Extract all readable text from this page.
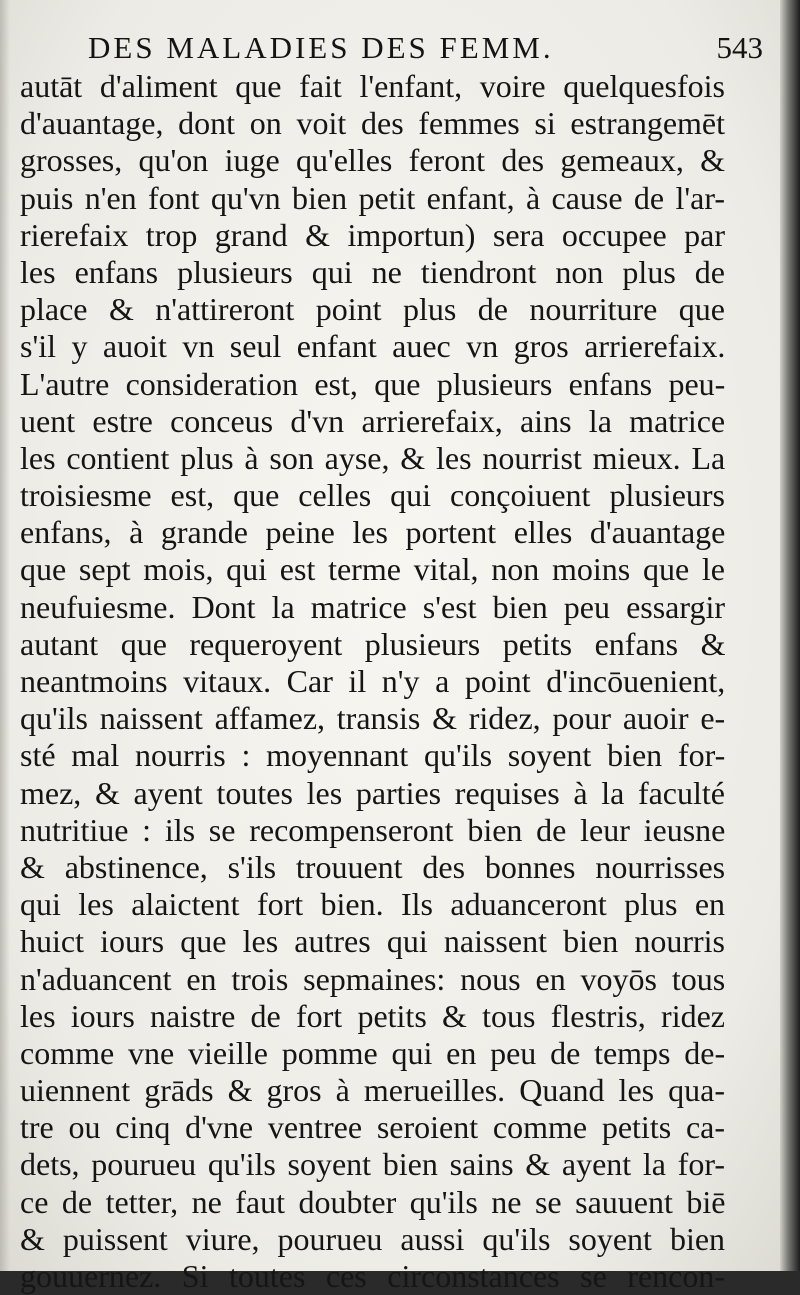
DES MALADIES DES FEMM.	543
autāt d'aliment que fait l'enfant, voire quelquesfois
d'auantage, dont on voit des femmes si estrangemēt
grosses, qu'on iuge qu'elles feront des gemeaux, &
puis n'en font qu'vn bien petit enfant, à cause de l'ar-
rierefaix trop grand & importun) sera occupee par
les enfans plusieurs qui ne tiendront non plus de
place & n'attireront point plus de nourriture que
s'il y auoit vn seul enfant auec vn gros arrierefaix.
L'autre consideration est, que plusieurs enfans peu-
uent estre conceus d'vn arrierefaix, ains la matrice
les contient plus à son ayse, & les nourrist mieux. La
troisiesme est, que celles qui conçoiuent plusieurs
enfans, à grande peine les portent elles d'auantage
que sept mois, qui est terme vital, non moins que le
neufuiesme. Dont la matrice s'est bien peu essargir
autant que requeroyent plusieurs petits enfans &
neantmoins vitaux. Car il n'y a point d'incōuenient,
qu'ils naissent affamez, transis & ridez, pour auoir e-
sté mal nourris : moyennant qu'ils soyent bien for-
mez, & ayent toutes les parties requises à la faculté
nutritiue : ils se recompenseront bien de leur ieusne
& abstinence, s'ils trouuent des bonnes nourrisses
qui les alaictent fort bien. Ils aduanceront plus en
huict iours que les autres qui naissent bien nourris
n'aduancent en trois sepmaines: nous en voyōs tous
les iours naistre de fort petits & tous flestris, ridez
comme vne vieille pomme qui en peu de temps de-
uiennent grāds & gros à merueilles. Quand les qua-
tre ou cinq d'vne ventree seroient comme petits ca-
dets, pourueu qu'ils soyent bien sains & ayent la for-
ce de tetter, ne faut doubter qu'ils ne se sauuent biē
& puissent viure, pourueu aussi qu'ils soyent bien
gouuernez. Si toutes ces circonstances se rencon-
